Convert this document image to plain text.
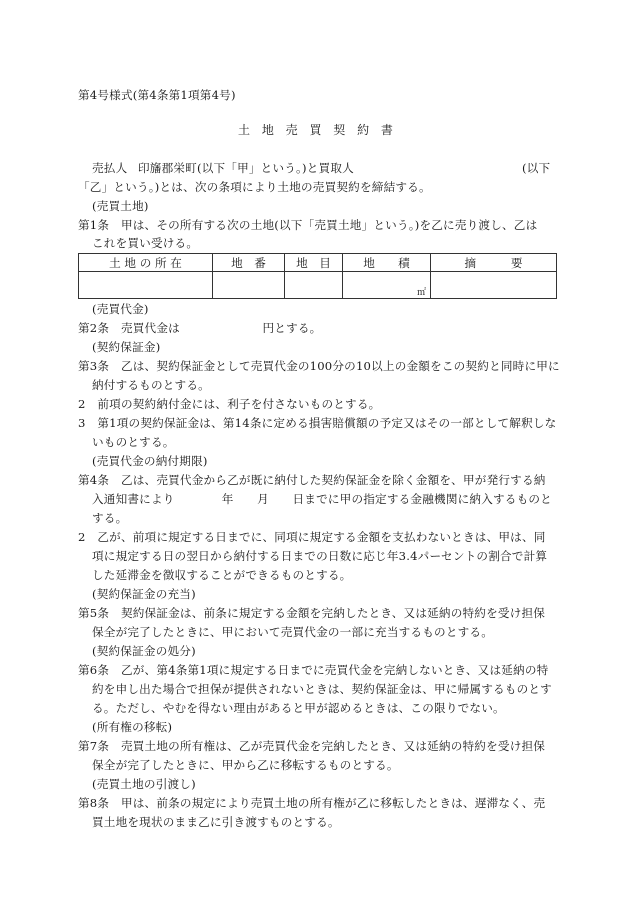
第4号様式(第4条第1項第4号)
土 地 売 買 契 約 書
売払人 印旛郡栄町(以下「甲」という。)と買取人	(以下
「乙」という。)とは、次の条項により土地の売買契約を締結する。
(売買土地)
第1条　甲は、その所有する次の土地(以下「売買土地」という。)を乙に売り渡し、乙は
これを買い受ける。
土 地 の 所 在	地　番	地　目	地　　積	摘　　　要
			㎡	
(売買代金)
第2条　売買代金は　　　　　　　円とする。
(契約保証金)
第3条　乙は、契約保証金として売買代金の100分の10以上の金額をこの契約と同時に甲に
納付するものとする。
2　前項の契約納付金には、利子を付さないものとする。
3　第1項の契約保証金は、第14条に定める損害賠償額の予定又はその一部として解釈しな
いものとする。
(売買代金の納付期限)
第4条　乙は、売買代金から乙が既に納付した契約保証金を除く金額を、甲が発行する納
入通知書により　　　　年　　月　　日までに甲の指定する金融機関に納入するものと
する。
2　乙が、前項に規定する日までに、同項に規定する金額を支払わないときは、甲は、同
項に規定する日の翌日から納付する日までの日数に応じ年3.4パーセントの割合で計算
した延滞金を徴収することができるものとする。
(契約保証金の充当)
第5条　契約保証金は、前条に規定する金額を完納したとき、又は延納の特約を受け担保
保全が完了したときに、甲において売買代金の一部に充当するものとする。
(契約保証金の処分)
第6条　乙が、第4条第1項に規定する日までに売買代金を完納しないとき、又は延納の特
約を申し出た場合で担保が提供されないときは、契約保証金は、甲に帰属するものとす
る。ただし、やむを得ない理由があると甲が認めるときは、この限りでない。
(所有権の移転)
第7条　売買土地の所有権は、乙が売買代金を完納したとき、又は延納の特約を受け担保
保全が完了したときに、甲から乙に移転するものとする。
(売買土地の引渡し)
第8条　甲は、前条の規定により売買土地の所有権が乙に移転したときは、遅滞なく、売
買土地を現状のまま乙に引き渡すものとする。
